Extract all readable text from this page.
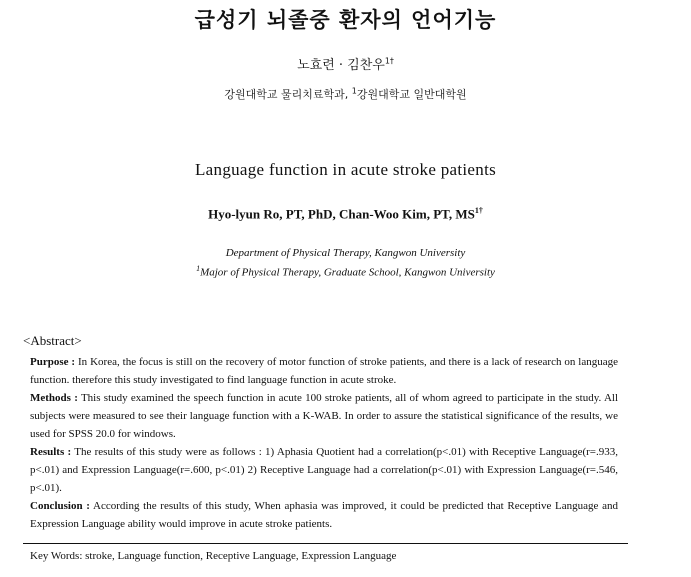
급성기 뇌졸중 환자의 언어기능
노효련 · 김찬우$^{1\dagger}$
강원대학교 물리치료학과, $^1$강원대학교 일반대학원
Language function in acute stroke patients
Hyo-lyun Ro, PT, PhD, Chan-Woo Kim, PT, $MS^{1\dagger}$
Department of Physical Therapy, Kangwon University
$^1$Major of Physical Therapy, Graduate School, Kangwon University
<Abstract>

Purpose : In Korea, the focus is still on the recovery of motor function of stroke patients, and there is a lack of research on language function. therefore this study investigated to find language function in acute stroke.

Methods : This study examined the speech function in acute 100 stroke patients, all of whom agreed to participate in the study. All subjects were measured to see their language function with a K-WAB. In order to assure the statistical significance of the results, we used for SPSS 20.0 for windows.

Results : The results of this study were as follows : 1) Aphasia Quotient had a correlation(p<.01) with Receptive Language(r=.933, p<.01) and Expression Language(r=.600, p<.01) 2) Receptive Language had a correlation(p<.01) with Expression Language(r=.546, p<.01).

Conclusion : According the results of this study, When aphasia was improved, it could be predicted that Receptive Language and Expression Language ability would improve in acute stroke patients.

Key Words: stroke, Language function, Receptive Language, Expression Language
